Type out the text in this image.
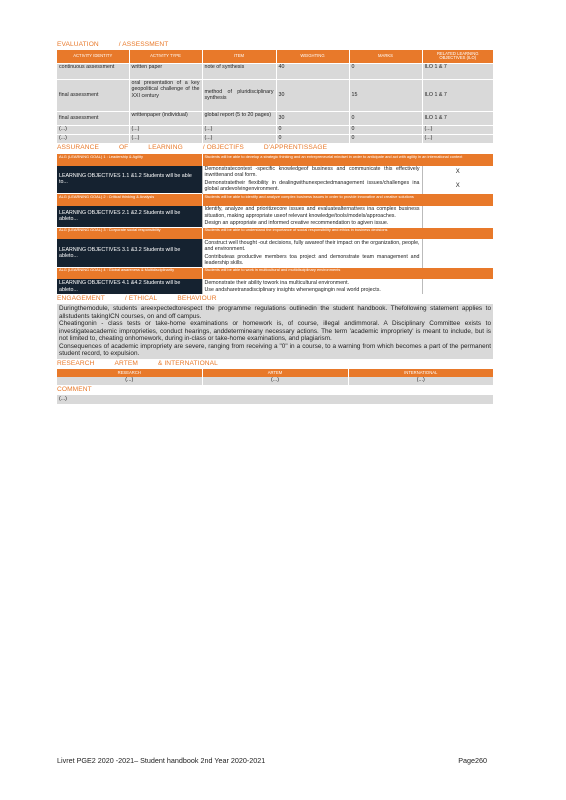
EVALUATION	/ ASSESSMENT
ACTIVITY IDENTITY	ACTIVITY TYPE	ITEM	WEIGHTING	MARKS	RELATED LEARNING OBJECTIVES (ILO)
continuous assessment	written paper	note of synthesis	40	0	ILO 1 & 7
final assessment	oral presentation of a key geopolitical challenge of the XXI century	method of pluridisciplinary synthesis	30	15	ILO 1 & 7
final assessment	writtenpaper (individual)	global report (5 to 20 pages)	30	0	ILO 1 & 7
(...)	(...)	(...)	0	0	(...)
(...)	(...)	(...)	0	0	(...)
ASSURANCE	OF	LEARNING	/ OBJECTIFS	D'APPRENTISSAGE
ALG (LEARNING GOAL) 1 : Leadership & Agility	Students will be able to develop a strategic thinking and an entrepreneurial mindset in order to anticipate and act with agility in an international context	
LEARNING OBJECTIVES 1.1 &1.2 Students will be able to...	Demonstratecontext -specific knowledgeof business and communicate this effectively inwrittenand oral form.	X
	Demonstratetheir flexibility in dealingwithunexpectedmanagement issues/challenges ina global andevolvingenvironment.	X
ALG (LEARNING GOAL) 2 : Critical thinking & Analysis	Students will be able to identify and analyze complex business issues in order to provide innovative and creative solutions	
LEARNING OBJECTIVES 2.1 &2.2 Students will be ableto...	Identify, analyze and prioritizecore issues and evaluatealternatives ina complex business situation, making appropriate useof relevant knowledge/tools/models/approaches.	
	Design an appropriate and informed creative recommendation to agiven issue.	
ALG (LEARNING GOAL) 3 : Corporate social responsibility	Students will be able to understand the importance of social responsibility and ethics in business decisions	
LEARNING OBJECTIVES 3.1 &3.2 Students will be ableto...	Construct well thought -out decisions, fully awareof their impact on the organization, people, and environment.	
	Contributeas productive members toa project and demonstrate team management and leadership skills.	
ALG (LEARNING GOAL) 4 : Global awareness & Multidisciplinarity	Students will be able to work in multicultural and multidisciplinary environments	
LEARNING OBJECTIVES 4.1 &4.2 Students will be ableto...	Demonstrate their ability towork ina multicultural environment.	
	Use andsharetransdisciplinary insights whenengagingin real world projects.	
ENGAGEMENT	/ ETHICAL	BEHAVIOUR

Duringthemodule, students areexpectedtorespect the programme regulations outlinedin the student handbook. Thefollowing statement applies to allstudents takingICN courses, on and off campus.

Cheatingonin - class tests or take-home examinations or homework is, of course, illegal andimmoral. A Disciplinary Committee exists to investigateacademic improprieties, conduct hearings, anddetermineany necessary actions. The term 'academic impropriety' is meant to include, but is not limited to, cheating onhomework, during in-class or take-home examinations, and plagiarism.

Consequences of academic impropriety are severe, ranging from receiving a "0" in a course, to a warning from which becomes a part of the permanent student record, to expulsion.

RESEARCH	ARTEM	& INTERNATIONAL
RESEARCH	ARTEM	INTERNATIONAL
(...)	(...)	(...)
COMMENT
(...)
Livret PGE2 2020 -2021– Student handbook 2nd Year 2020-2021	Page260
